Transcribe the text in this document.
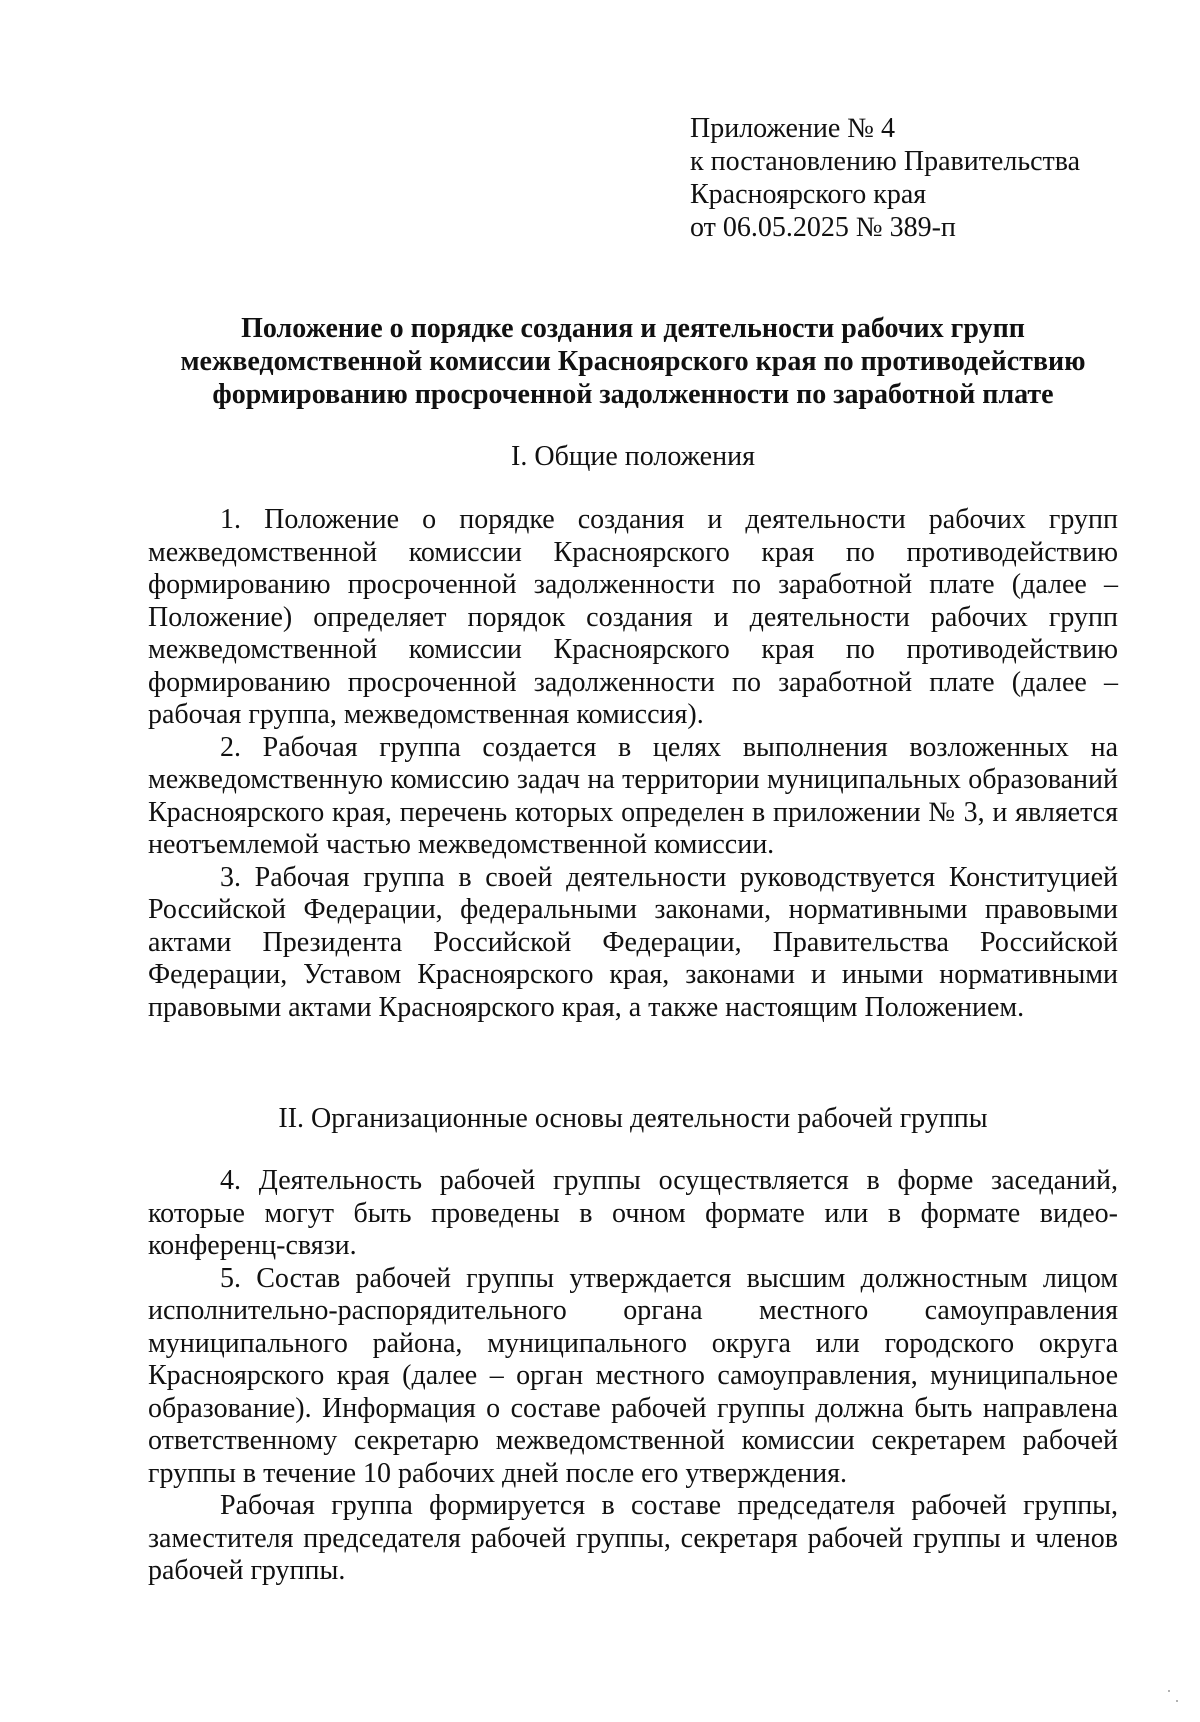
Приложение № 4
к постановлению Правительства
Красноярского края
от 06.05.2025 № 389-п
Положение о порядке создания и деятельности рабочих групп
межведомственной комиссии Красноярского края по противодействию
формированию просроченной задолженности по заработной плате
I. Общие положения

1. Положение о порядке создания и деятельности рабочих групп межведомственной комиссии Красноярского края по противодействию формированию просроченной задолженности по заработной плате (далее – Положение) определяет порядок создания и деятельности рабочих групп межведомственной комиссии Красноярского края по противодействию формированию просроченной задолженности по заработной плате (далее – рабочая группа, межведомственная комиссия).

2. Рабочая группа создается в целях выполнения возложенных на межведомственную комиссию задач на территории муниципальных образований Красноярского края, перечень которых определен в приложении № 3, и является неотъемлемой частью межведомственной комиссии.

3. Рабочая группа в своей деятельности руководствуется Конституцией Российской Федерации, федеральными законами, нормативными правовыми актами Президента Российской Федерации, Правительства Российской Федерации, Уставом Красноярского края, законами и иными нормативными правовыми актами Красноярского края, а также настоящим Положением.

II. Организационные основы деятельности рабочей группы

4. Деятельность рабочей группы осуществляется в форме заседаний, которые могут быть проведены в очном формате или в формате видео-конференц-связи.

5. Состав рабочей группы утверждается высшим должностным лицом исполнительно-распорядительного органа местного самоуправления муниципального района, муниципального округа или городского округа Красноярского края (далее – орган местного самоуправления, муниципальное образование). Информация о составе рабочей группы должна быть направлена ответственному секретарю межведомственной комиссии секретарем рабочей группы в течение 10 рабочих дней после его утверждения.

Рабочая группа формируется в составе председателя рабочей группы, заместителя председателя рабочей группы, секретаря рабочей группы и членов рабочей группы.
